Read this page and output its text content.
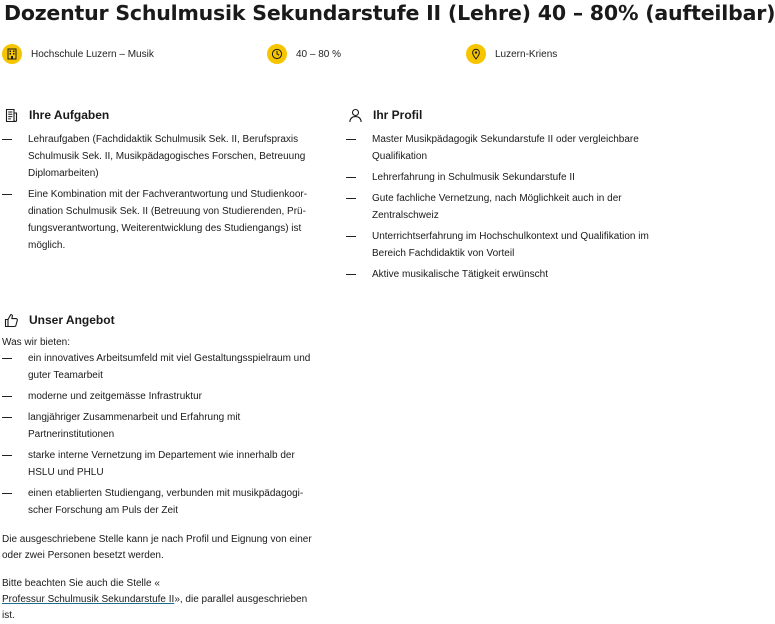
Dozentur Schulmusik Sekundarstufe II (Lehre) 40 – 80% (aufteilbar)
Hochschule Luzern – Musik	40 – 80 %	Luzern-Kriens
Ihre Aufgaben
Lehraufgaben (Fachdidaktik Schulmusik Sek. II, Berufspraxis Schulmusik Sek. II, Musikpädagogisches Forschen, Betreuung Diplomarbeiten)
Eine Kombination mit der Fachverantwortung und Studienkoordination Schulmusik Sek. II (Betreuung von Studierenden, Prüfungsverantwortung, Weiterentwicklung des Studiengangs) ist möglich.
Ihr Profil
Master Musikpädagogik Sekundarstufe II oder vergleichbare Qualifikation
Lehrerfahrung in Schulmusik Sekundarstufe II
Gute fachliche Vernetzung, nach Möglichkeit auch in der Zentralschweiz
Unterrichtserfahrung im Hochschulkontext und Qualifikation im Bereich Fachdidaktik von Vorteil
Aktive musikalische Tätigkeit erwünscht
Unser Angebot
Was wir bieten:
ein innovatives Arbeitsumfeld mit viel Gestaltungsspielraum und guter Teamarbeit
moderne und zeitgemässe Infrastruktur
langjähriger Zusammenarbeit und Erfahrung mit Partnerinstitutionen
starke interne Vernetzung im Departement wie innerhalb der HSLU und PHLU
einen etablierten Studiengang, verbunden mit musikpädagogischer Forschung am Puls der Zeit
Die ausgeschriebene Stelle kann je nach Profil und Eignung von einer oder zwei Personen besetzt werden.
Bitte beachten Sie auch die Stelle «
Professur Schulmusik Sekundarstufe II», die parallel ausgeschrieben ist.
